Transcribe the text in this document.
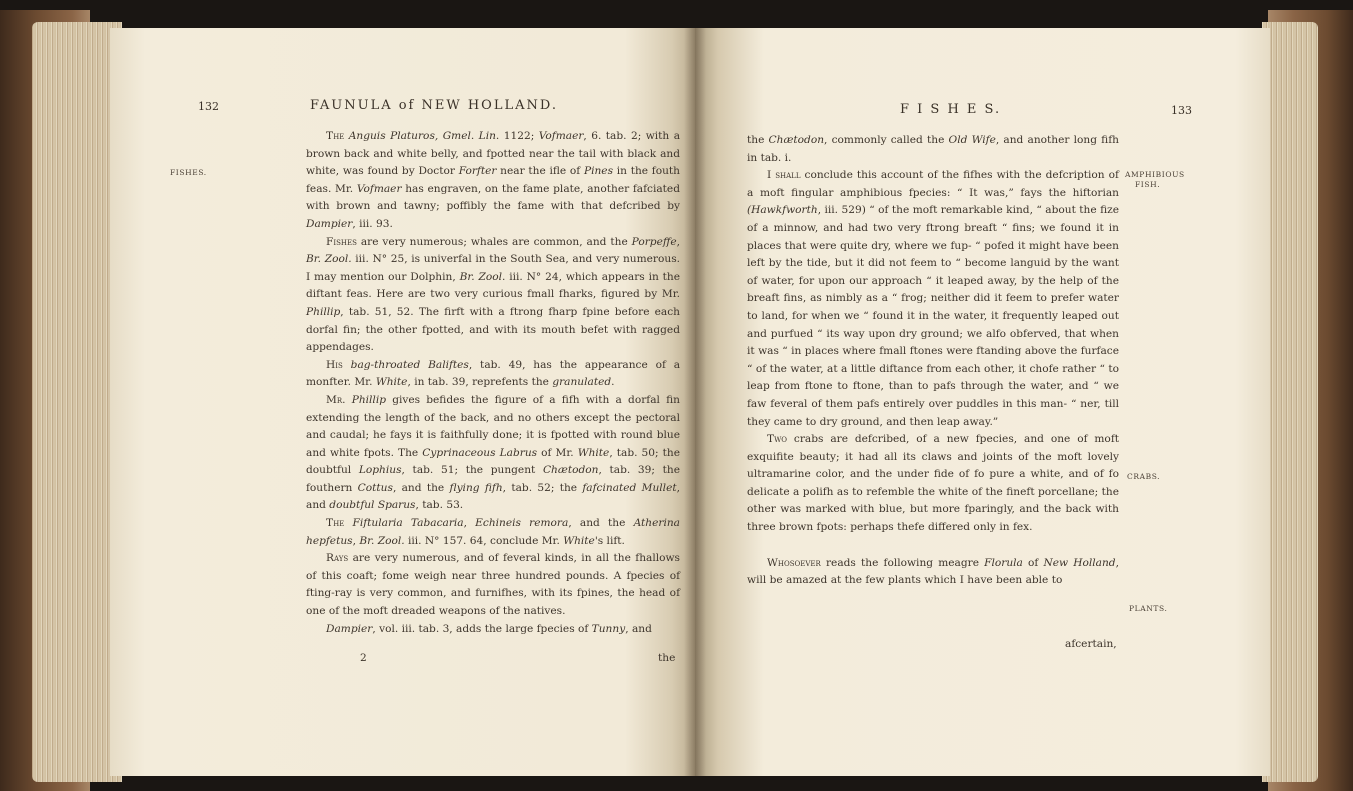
132	FAUNULA of NEW HOLLAND.
FISHES.

The Anguis Platuros, Gmel. Lin. 1122; Vofmaer, 6. tab. 2; with a brown back and white belly, and fpotted near the tail with black and white, was found by Doctor Forfter near the ifle of Pines in the fouth feas. Mr. Vofmaer has engraven, on the fame plate, another fafciated with brown and tawny; poffibly the fame with that defcribed by Dampier, iii. 93.

Fishes are very numerous; whales are common, and the Porpeffe, Br. Zool. iii. N° 25, is univerfal in the South Sea, and very numerous. I may mention our Dolphin, Br. Zool. iii. N° 24, which appears in the diftant feas. Here are two very curious fmall fharks, figured by Mr. Phillip, tab. 51, 52. The firft with a ftrong fharp fpine before each dorfal fin; the other fpotted, and with its mouth befet with ragged appendages.

His bag-throated Baliftes, tab. 49, has the appearance of a monfter. Mr. White, in tab. 39, reprefents the granulated.

Mr. Phillip gives befides the figure of a fifh with a dorfal fin extending the length of the back, and no others except the pectoral and caudal; he fays it is faithfully done; it is fpotted with round blue and white fpots. The Cyprinaceous Labrus of Mr. White, tab. 50; the doubtful Lophius, tab. 51; the pungent Chætodon, tab. 39; the fouthern Cottus, and the flying fifh, tab. 52; the fafcinated Mullet, and doubtful Sparus, tab. 53.

The Fiftularia Tabacaria, Echineis remora, and the Atherina hepfetus, Br. Zool. iii. N° 157. 64, conclude Mr. White's lift.

Rays are very numerous, and of feveral kinds, in all the fhallows of this coaft; fome weigh near three hundred pounds. A fpecies of fting-ray is very common, and furnifhes, with its fpines, the head of one of the moft dreaded weapons of the natives.

Dampier, vol. iii. tab. 3, adds the large fpecies of Tunny, and

2	the
F I S H E S.	133
AMPHIBIOUS
FISH.
CRABS.
PLANTS.

the Chætodon, commonly called the Old Wife, and another long fifh in tab. i.

I shall conclude this account of the fifhes with the defcription of a moft fingular amphibious fpecies: “ It was,” fays the hiftorian (Hawkfworth, iii. 529) “ of the moft remarkable kind, “ about the fize of a minnow, and had two very ftrong breaft “ fins; we found it in places that were quite dry, where we fup- “ pofed it might have been left by the tide, but it did not feem to “ become languid by the want of water, for upon our approach “ it leaped away, by the help of the breaft fins, as nimbly as a “ frog; neither did it feem to prefer water to land, for when we “ found it in the water, it frequently leaped out and purfued “ its way upon dry ground; we alfo obferved, that when it was “ in places where fmall ftones were ftanding above the furface “ of the water, at a little diftance from each other, it chofe rather “ to leap from ftone to ftone, than to pafs through the water, and “ we faw feveral of them pafs entirely over puddles in this man- “ ner, till they came to dry ground, and then leap away.”

Two crabs are defcribed, of a new fpecies, and one of moft exquifite beauty; it had all its claws and joints of the moft lovely ultramarine color, and the under fide of fo pure a white, and of fo delicate a polifh as to refemble the white of the fineft porcellane; the other was marked with blue, but more fparingly, and the back with three brown fpots: perhaps thefe differed only in fex.

Whosoever reads the following meagre Florula of New Holland, will be amazed at the few plants which I have been able to

afcertain,
